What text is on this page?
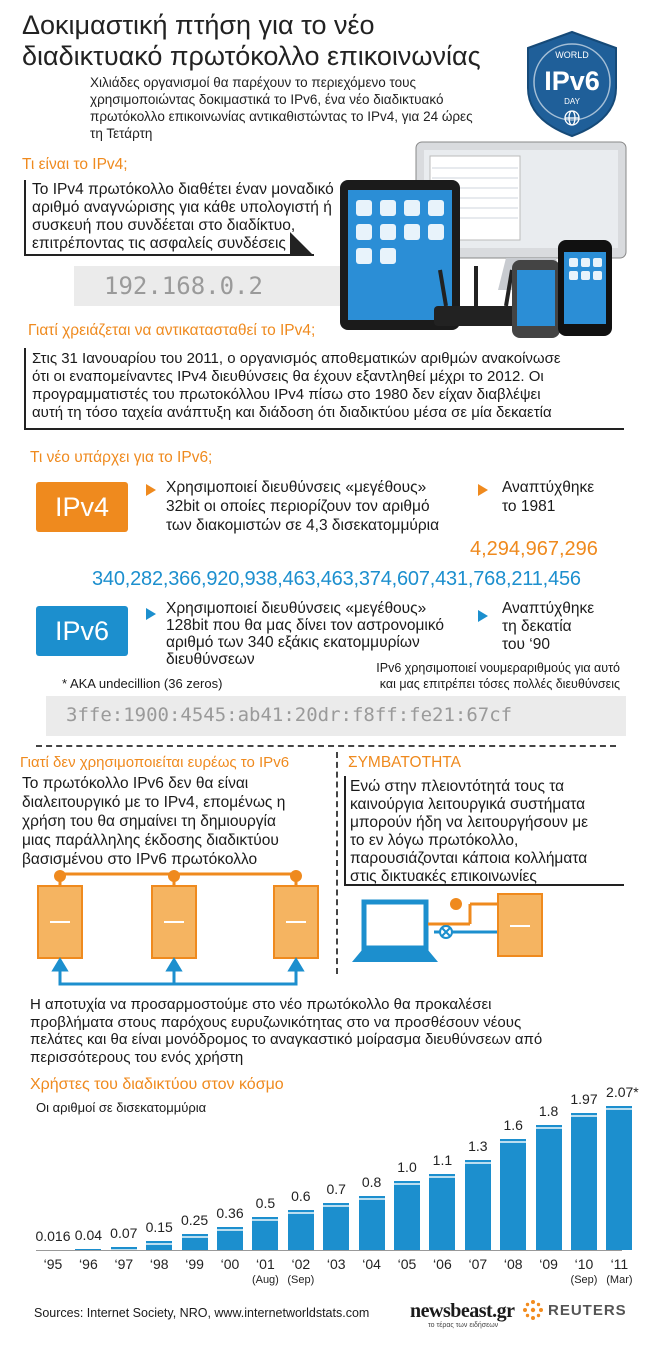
Δοκιμαστική πτήση για το νέο
διαδικτυακό πρωτόκολλο επικοινωνίας
Χιλιάδες οργανισμοί θα παρέχουν το περιεχόμενο τους
χρησιμοποιώντας δοκιμαστικά το IPv6, ένα νέο διαδικτυακό
πρωτόκολλο επικοινωνίας αντικαθιστώντας το IPv4, για 24 ώρες
τη Τετάρτη
WORLD
IPv6
DAY
Τι είναι το IPv4;
Το IPv4 πρωτόκολλο διαθέτει έναν μοναδικό
αριθμό αναγνώρισης για κάθε υπολογιστή ή
συσκευή που συνδέεται στο διαδίκτυο,
επιτρέποντας τις ασφαλείς συνδέσεις
192.168.0.2
Γιατί χρειάζεται να αντικατασταθεί το IPv4;
Στις 31 Ιανουαρίου του 2011, ο οργανισμός αποθεματικών αριθμών ανακοίνωσε
ότι οι εναπομείναντες IPv4 διευθύνσεις θα έχουν εξαντληθεί μέχρι το 2012. Οι
προγραμματιστές του πρωτοκόλλου IPv4 πίσω στο 1980 δεν είχαν διαβλέψει
αυτή τη τόσο ταχεία ανάπτυξη και διάδοση ότι διαδικτύου μέσα σε μία δεκαετία
Τι νέο υπάρχει για το IPv6;
IPv4
Χρησιμοποιεί διευθύνσεις «μεγέθους»
32bit οι οποίες περιορίζουν τον αριθμό
των διακομιστών σε 4,3 δισεκατομμύρια
Αναπτύχθηκε
το 1981
4,294,967,296
340,282,366,920,938,463,463,374,607,431,768,211,456
IPv6
Χρησιμοποιεί διευθύνσεις «μεγέθους»
128bit που θα μας δίνει τον αστρονομικό
αριθμό των 340 εξάκις εκατομμυρίων
διευθύνσεων
Αναπτύχθηκε
τη δεκατία
του ‘90
* AKA undecillion (36 zeros)
IPv6 χρησιμοποιεί νουμεραριθμούς για αυτό
και μας επιτρέπει τόσες πολλές διευθύνσεις
3ffe:1900:4545:ab41:20dr:f8ff:fe21:67cf
Γιατί δεν χρησιμοποιείται ευρέως το IPv6
Το πρωτόκολλο IPv6 δεν θα είναι
διαλειτουργικό με το IPv4, επομένως η
χρήση του θα σημαίνει τη δημιουργία
μιας παράλληλης έκδοσης διαδικτύου
βασισμένου στο IPv6 πρωτόκολλο
ΣΥΜΒΑΤΟΤΗΤΑ
Ενώ στην πλειοντότητά τους τα
καινούργια λειτουργικά συστήματα
μπορούν ήδη να λειτουργήσουν με
το εν λόγω πρωτόκολλο,
παρουσιάζονται κάποια κολλήματα
στις δικτυακές επικοινωνίες
Η αποτυχία να προσαρμοστούμε στο νέο πρωτόκολλο θα προκαλέσει
προβλήματα στους παρόχους ευρυζωνικότητας στο να προσθέσουν νέους
πελάτες και θα είναι μονόδρομος το αναγκαστικό μοίρασμα διευθύνσεων από
περισσότερους του ενός χρήστη
Χρήστες του διαδικτύου στον κόσμο
Οι αριθμοί σε δισεκατομμύρια
0.016
‘95
0.04
‘96
0.07
‘97
0.15
‘98
0.25
‘99
0.36
‘00
0.5
‘01
(Aug)
0.6
‘02
(Sep)
0.7
‘03
0.8
‘04
1.0
‘05
1.1
‘06
1.3
‘07
1.6
‘08
1.8
‘09
1.97
‘10
(Sep)
2.07*
‘11
(Mar)
Sources: Internet Society, NRO, www.internetworldstats.com newsbeast.gr
το τέρας των ειδήσεων
REUTERS
